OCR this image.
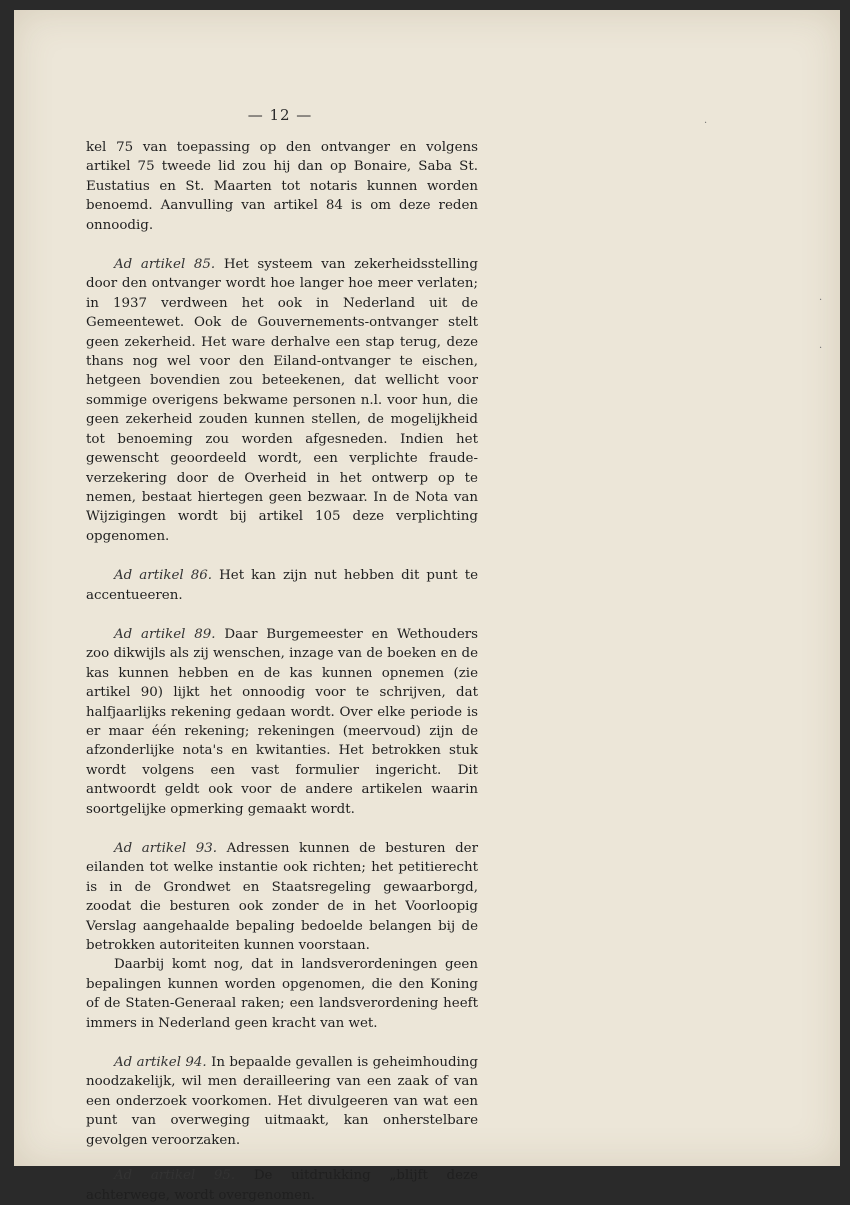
— 12 —

kel 75 van toepassing op den ontvanger en volgens artikel 75 tweede lid zou hij dan op Bonaire, Saba St. Eustatius en St. Maarten tot notaris kunnen worden benoemd. Aanvulling van artikel 84 is om deze reden onnoodig.

Ad artikel 85. Het systeem van zekerheidsstelling door den ontvanger wordt hoe langer hoe meer verlaten; in 1937 verdween het ook in Nederland uit de Gemeentewet. Ook de Gouvernements-ontvanger stelt geen zekerheid. Het ware derhalve een stap terug, deze thans nog wel voor den Eiland-ontvanger te eischen, hetgeen bovendien zou beteekenen, dat wellicht voor sommige overigens bekwame personen n.l. voor hun, die geen zekerheid zouden kunnen stellen, de mogelijkheid tot benoeming zou worden afgesneden. Indien het gewenscht geoordeeld wordt, een verplichte fraude-verzekering door de Overheid in het ontwerp op te nemen, bestaat hiertegen geen bezwaar. In de Nota van Wijzigingen wordt bij artikel 105 deze verplichting opgenomen.

Ad artikel 86. Het kan zijn nut hebben dit punt te accentueeren.

Ad artikel 89. Daar Burgemeester en Wethouders zoo dikwijls als zij wenschen, inzage van de boeken en de kas kunnen hebben en de kas kunnen opnemen (zie artikel 90) lijkt het onnoodig voor te schrijven, dat halfjaarlijks rekening gedaan wordt. Over elke periode is er maar één rekening; rekeningen (meervoud) zijn de afzonderlijke nota's en kwitanties. Het betrokken stuk wordt volgens een vast formulier ingericht. Dit antwoordt geldt ook voor de andere artikelen waarin soortgelijke opmerking gemaakt wordt.

Ad artikel 93. Adressen kunnen de besturen der eilanden tot welke instantie ook richten; het petitierecht is in de Grondwet en Staatsregeling gewaarborgd, zoodat die besturen ook zonder de in het Voorloopig Verslag aangehaalde bepaling bedoelde belangen bij de betrokken autoriteiten kunnen voorstaan.

Daarbij komt nog, dat in landsverordeningen geen bepalingen kunnen worden opgenomen, die den Koning of de Staten-Generaal raken; een landsverordening heeft immers in Nederland geen kracht van wet.

Ad artikel 94. In bepaalde gevallen is geheimhouding noodzakelijk, wil men derailleering van een zaak of van een onderzoek voorkomen. Het divulgeeren van wat een punt van overweging uitmaakt, kan onherstelbare gevolgen veroorzaken.

Ad artikel 95. De uitdrukking „blijft deze achterwege, wordt overgenomen.

·
·
·
